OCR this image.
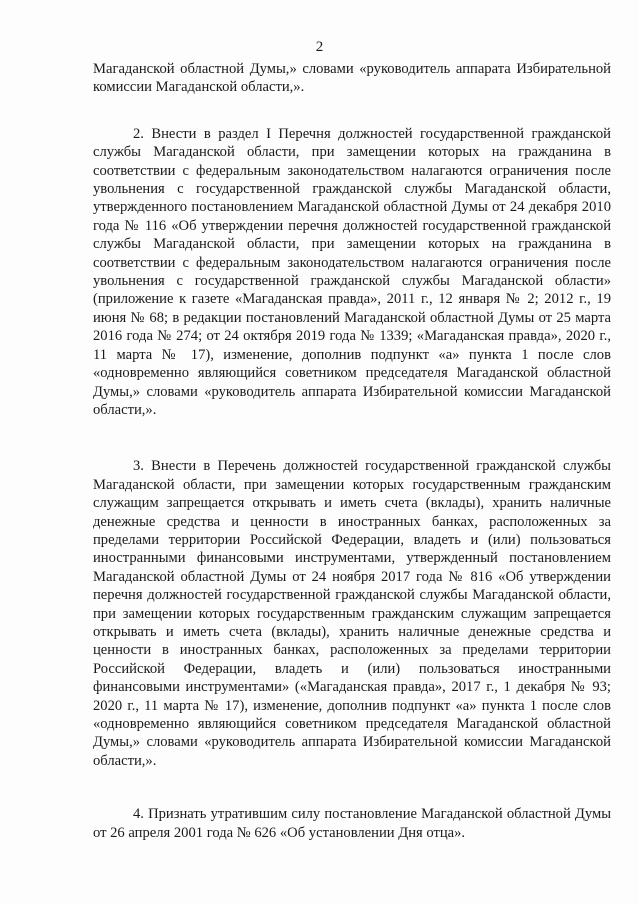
2

Магаданской областной Думы,» словами «руководитель аппарата Избирательной комиссии Магаданской области,».

2. Внести в раздел I Перечня должностей государственной гражданской службы Магаданской области, при замещении которых на гражданина в соответствии с федеральным законодательством налагаются ограничения после увольнения с государственной гражданской службы Магаданской области, утвержденного постановлением Магаданской областной Думы от 24 декабря 2010 года № 116 «Об утверждении перечня должностей государственной гражданской службы Магаданской области, при замещении которых на гражданина в соответствии с федеральным законодательством налагаются ограничения после увольнения с государственной гражданской службы Магаданской области» (приложение к газете «Магаданская правда», 2011 г., 12 января № 2; 2012 г., 19 июня № 68; в редакции постановлений Магаданской областной Думы от 25 марта 2016 года № 274; от 24 октября 2019 года № 1339; «Магаданская правда», 2020 г., 11 марта № 17), изменение, дополнив подпункт «а» пункта 1 после слов «одновременно являющийся советником председателя Магаданской областной Думы,» словами «руководитель аппарата Избирательной комиссии Магаданской области,».

3. Внести в Перечень должностей государственной гражданской службы Магаданской области, при замещении которых государственным гражданским служащим запрещается открывать и иметь счета (вклады), хранить наличные денежные средства и ценности в иностранных банках, расположенных за пределами территории Российской Федерации, владеть и (или) пользоваться иностранными финансовыми инструментами, утвержденный постановлением Магаданской областной Думы от 24 ноября 2017 года № 816 «Об утверждении перечня должностей государственной гражданской службы Магаданской области, при замещении которых государственным гражданским служащим запрещается открывать и иметь счета (вклады), хранить наличные денежные средства и ценности в иностранных банках, расположенных за пределами территории Российской Федерации, владеть и (или) пользоваться иностранными финансовыми инструментами» («Магаданская правда», 2017 г., 1 декабря № 93; 2020 г., 11 марта № 17), изменение, дополнив подпункт «а» пункта 1 после слов «одновременно являющийся советником председателя Магаданской областной Думы,» словами «руководитель аппарата Избирательной комиссии Магаданской области,».

4. Признать утратившим силу постановление Магаданской областной Думы от 26 апреля 2001 года № 626 «Об установлении Дня отца».
